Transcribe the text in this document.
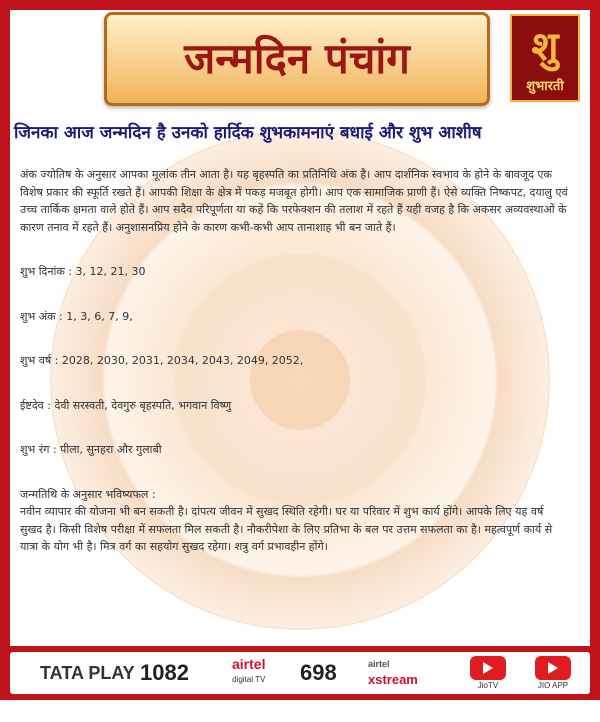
जन्मदिन पंचांग	शु
शुभारती
जिनका आज जन्मदिन है उनको हार्दिक शुभकामनाएं बधाई और शुभ आशीष

अंक ज्योतिष के अनुसार आपका मूलांक तीन आता है। यह बृहस्पति का प्रतिनिधि अंक है। आप दार्शनिक स्वभाव के होने के बावजूद एक विशेष प्रकार की स्फूर्ति रखते हैं। आपकी शिक्षा के क्षेत्र में पकड़ मजबूत होगी। आप एक सामाजिक प्राणी हैं। ऐसे व्यक्ति निष्कपट, दयालु एवं उच्च तार्किक क्षमता वाले होते हैं। आप सदैव परिपूर्णता या कहें कि परफेक्शन की तलाश में रहते हैं यही वजह है कि अकसर अव्यवस्थाओं के कारण तनाव में रहते हैं। अनुशासनप्रिय होने के कारण कभी-कभी आप तानाशाह भी बन जाते हैं।

शुभ दिनांक : 3, 12, 21, 30

शुभ अंक : 1, 3, 6, 7, 9,

शुभ वर्ष : 2028, 2030, 2031, 2034, 2043, 2049, 2052,

ईष्टदेव : देवी सरस्वती, देवगुरु बृहस्पति, भगवान विष्णु

शुभ रंग : पीला, सुनहरा और गुलाबी

जन्मतिथि के अनुसार भविष्यफल :

नवीन व्यापार की योजना भी बन सकती है। दांपत्य जीवन में सुखद स्थिति रहेगी। घर या परिवार में शुभ कार्य होंगे। आपके लिए यह वर्ष सुखद है। किसी विशेष परीक्षा में सफलता मिल सकती है। नौकरीपेशा के लिए प्रतिभा के बल पर उत्तम सफलता का है। महत्वपूर्ण कार्य से यात्रा के योग भी है। मित्र वर्ग का सहयोग सुखद रहेगा। शत्रु वर्ग प्रभावहीन होंगे।

TATA PLAY 1082	airtel
digital TV 698	airtel
xstream	JioTV	JIO APP
